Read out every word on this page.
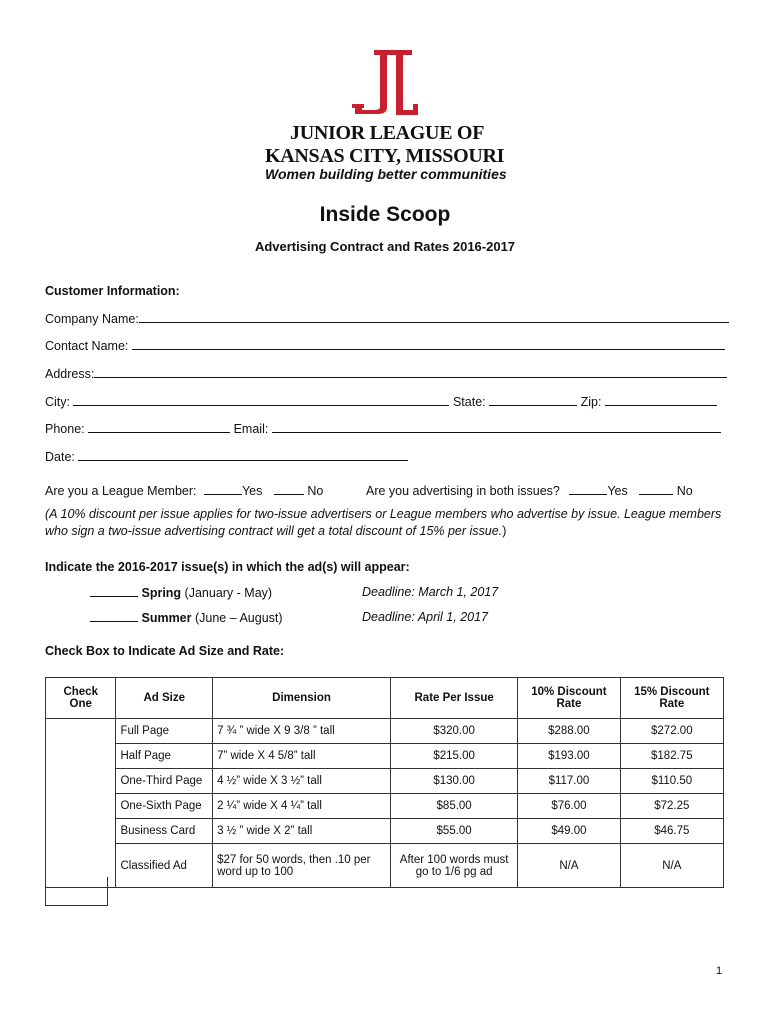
JUNIOR LEAGUE OF
KANSAS CITY, MISSOURI
Women building better communities
Inside Scoop
Advertising Contract and Rates 2016-2017
Customer Information:
Company Name:
Contact Name:
Address:
City:	State:	Zip:
Phone:	Email:
Date:
Are you a League Member:	Yes	No	Are you advertising in both issues?	Yes	No
(A 10% discount per issue applies for two-issue advertisers or League members who advertise by issue. League members who sign a two-issue advertising contract will get a total discount of 15% per issue.)
Indicate the 2016-2017 issue(s) in which the ad(s) will appear:
Spring (January - May)	Deadline: March 1, 2017
Summer (June – August)	Deadline: April 1, 2017
Check Box to Indicate Ad Size and Rate:
Check One	Ad Size	Dimension	Rate Per Issue	10% Discount Rate	15% Discount Rate
	Full Page	7 ¾ ” wide X 9 3/8 ” tall	$320.00	$288.00	$272.00
	Half Page	7” wide X 4 5/8” tall	$215.00	$193.00	$182.75
	One-Third Page	4 ½” wide X 3 ½” tall	$130.00	$117.00	$110.50
	One-Sixth Page	2 ¼” wide X 4 ¼” tall	$85.00	$76.00	$72.25
	Business Card	3 ½ ” wide X 2” tall	$55.00	$49.00	$46.75
	Classified Ad	$27 for 50 words, then .10 per word up to 100	After 100 words must go to 1/6 pg ad	N/A	N/A
1
